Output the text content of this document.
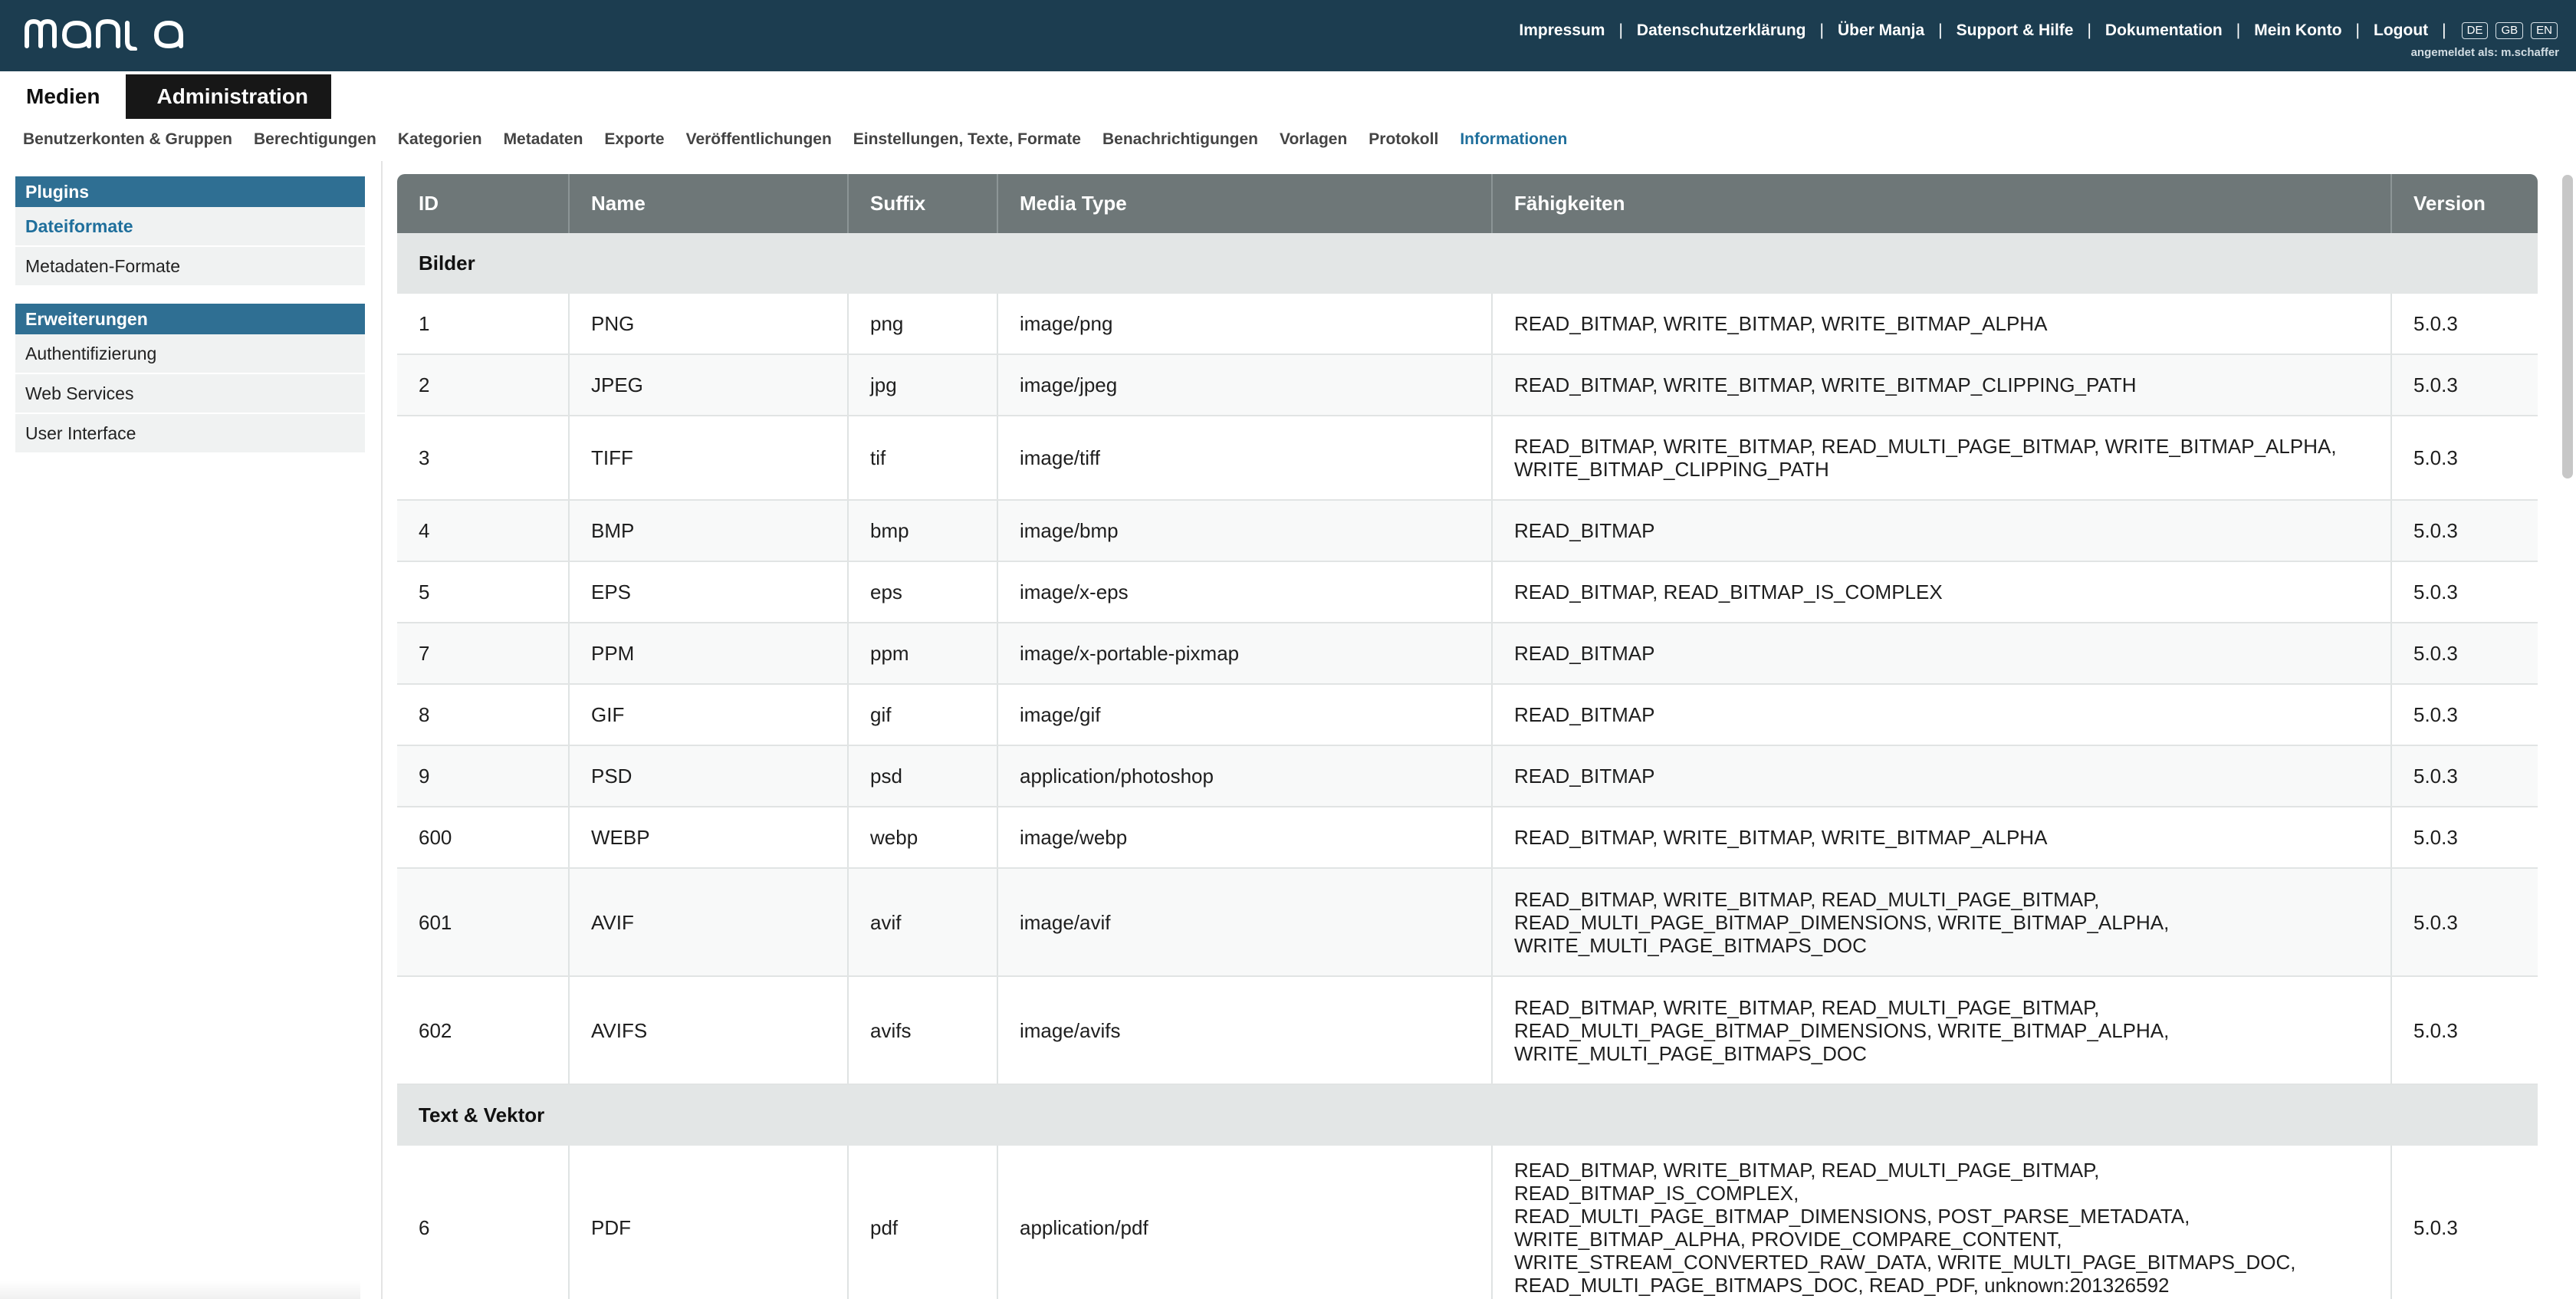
Impressum | Datenschutzerklärung | Über Manja | Support & Hilfe | Dokumentation | Mein Konto | Logout |	DE	GB	EN
angemeldet als: m.schaffer
Medien	Administration
Benutzerkonten & Gruppen Berechtigungen Kategorien Metadaten Exporte Veröffentlichungen Einstellungen, Texte, Formate Benachrichtigungen Vorlagen Protokoll Informationen
Plugins
Dateiformate
Metadaten-Formate
Erweiterungen
Authentifizierung
Web Services
User Interface
ID	Name	Suffix	Media Type	Fähigkeiten	Version
Bilder					
1	PNG	png	image/png	READ_BITMAP, WRITE_BITMAP, WRITE_BITMAP_ALPHA	5.0.3
2	JPEG	jpg	image/jpeg	READ_BITMAP, WRITE_BITMAP, WRITE_BITMAP_CLIPPING_PATH	5.0.3
3	TIFF	tif	image/tiff	READ_BITMAP, WRITE_BITMAP, READ_MULTI_PAGE_BITMAP, WRITE_BITMAP_ALPHA,
WRITE_BITMAP_CLIPPING_PATH	5.0.3
4	BMP	bmp	image/bmp	READ_BITMAP	5.0.3
5	EPS	eps	image/x-eps	READ_BITMAP, READ_BITMAP_IS_COMPLEX	5.0.3
7	PPM	ppm	image/x-portable-pixmap	READ_BITMAP	5.0.3
8	GIF	gif	image/gif	READ_BITMAP	5.0.3
9	PSD	psd	application/photoshop	READ_BITMAP	5.0.3
600	WEBP	webp	image/webp	READ_BITMAP, WRITE_BITMAP, WRITE_BITMAP_ALPHA	5.0.3
601	AVIF	avif	image/avif	READ_BITMAP, WRITE_BITMAP, READ_MULTI_PAGE_BITMAP,
READ_MULTI_PAGE_BITMAP_DIMENSIONS, WRITE_BITMAP_ALPHA,
WRITE_MULTI_PAGE_BITMAPS_DOC	5.0.3
602	AVIFS	avifs	image/avifs	READ_BITMAP, WRITE_BITMAP, READ_MULTI_PAGE_BITMAP,
READ_MULTI_PAGE_BITMAP_DIMENSIONS, WRITE_BITMAP_ALPHA,
WRITE_MULTI_PAGE_BITMAPS_DOC	5.0.3
Text & Vektor					
6	PDF	pdf	application/pdf	READ_BITMAP, WRITE_BITMAP, READ_MULTI_PAGE_BITMAP, READ_BITMAP_IS_COMPLEX,
READ_MULTI_PAGE_BITMAP_DIMENSIONS, POST_PARSE_METADATA,
WRITE_BITMAP_ALPHA, PROVIDE_COMPARE_CONTENT,
WRITE_STREAM_CONVERTED_RAW_DATA, WRITE_MULTI_PAGE_BITMAPS_DOC,
READ_MULTI_PAGE_BITMAPS_DOC, READ_PDF, unknown:201326592	5.0.3
